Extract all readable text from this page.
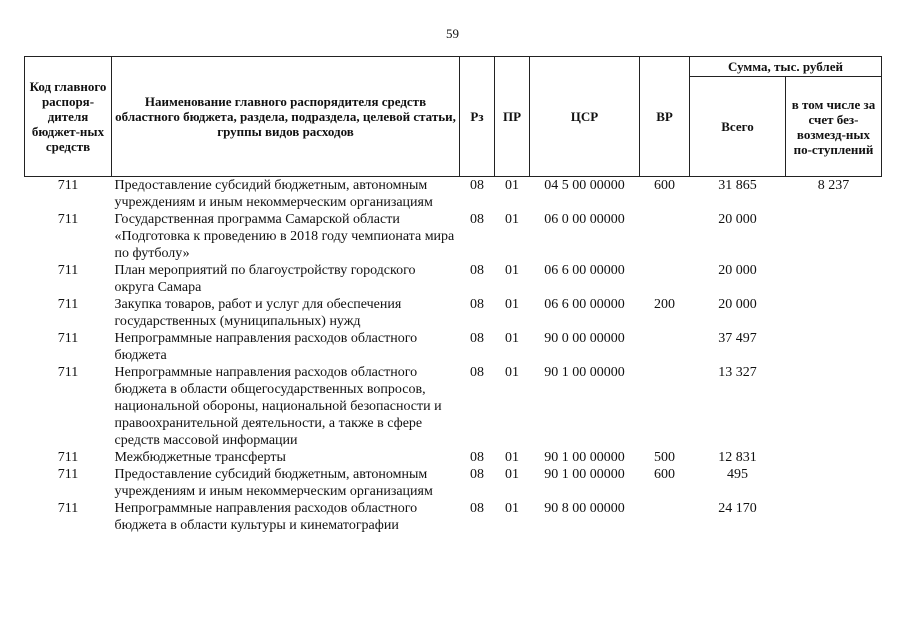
59
Код главного распоря-дителя бюджет-ных средств	Наименование главного распорядителя средств областного бюджета, раздела, подраздела, целевой статьи, группы видов расходов	Рз	ПР	ЦСР	ВР	Сумма, тыс. рублей	
						Всего	в том числе за счет без-возмезд-ных по-ступлений
711	Предоставление субсидий бюджетным, автономным учреждениям и иным некоммерческим организациям	08	01	04 5 00 00000	600	31 865	8 237
711	Государственная программа Самарской области «Подготовка к проведению в 2018 году чемпионата мира по футболу»	08	01	06 0 00 00000		20 000	
711	План мероприятий по благоустройству городского округа Самара	08	01	06 6 00 00000		20 000	
711	Закупка товаров, работ и услуг для обеспечения государственных (муниципальных) нужд	08	01	06 6 00 00000	200	20 000	
711	Непрограммные направления расходов областного бюджета	08	01	90 0 00 00000		37 497	
711	Непрограммные направления расходов областного бюджета в области общегосударственных вопросов, национальной обороны, национальной безопасности и правоохранительной деятельности, а также в сфере средств массовой информации	08	01	90 1 00 00000		13 327	
711	Межбюджетные трансферты	08	01	90 1 00 00000	500	12 831	
711	Предоставление субсидий бюджетным, автономным учреждениям и иным некоммерческим организациям	08	01	90 1 00 00000	600	495	
711	Непрограммные направления расходов областного бюджета в области культуры и кинематографии	08	01	90 8 00 00000		24 170	
